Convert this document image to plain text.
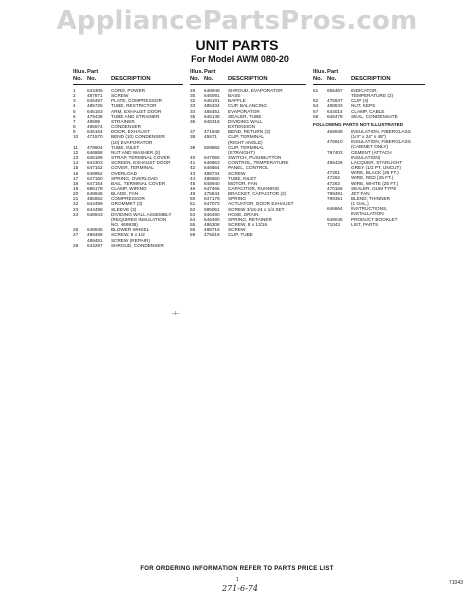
AppliancePartsPros.com
UNIT PARTS
For Model AWM 080-20
Illus. Part
No. No.	DESCRIPTION
1	644306	CORD, POWER
2	487871	SCREW
3	646497	PLATE, COMPRESSOR
4	485725	TUBE, RESTRICTOR
5	646163	ARM, EXHAUST DOOR
6	479438	TUBE AND STRAINER
7	49599	STRAINER
8	485574	CONDENSER
9	646154	DOOR, EXHAUST
10	471570	BEND (10) CONDENSER
(10) EVAPORATOR
11	479604	TUBE, INLET
12	646868	NUT AND WASHER (2)
13	645199	STRAP, TERMINAL COVER
14	644303	SCREEN, EXHAUST DOOR
15	647152	COVER, TERMINAL
16	648952	OVERLOAD
17	647150	SPRING, OVERLOAD
18	647154	BAIL, TERMINAL COVER
19	686178	CLAMP, WIRING
20	648946	BLADE, FAN
21	485552	COMPRESSOR
22	644499	GROMMET (3)
23	644498	SLEEVE (3)
24	648943	DIVIDING WALL ASSEMBLY
(REQUIRES INSULATION
NO. 469938)
25	648945	BLOWER WHEEL
27	488488	SCREW, 8 x 1/2
488481	SCREW (REPAIR)
28	644297	SHROUD, CONDENSER
Illus. Part
No. No.	DESCRIPTION
29	648948	SHROUD, EVAPORATOR
30	646091	BASE
32	646191	BAFFLE
33	485334	CUP, BALANCING
34	485451	EVAPORATOR
35	646138	SEALER, TUBE
36	646318	DIVIDING WALL
EXTENSION
37	471948	BEND, RETURN (3)
38	45571	CLIP, TERMINAL
(RIGHT ANGLE)
39	509882	CLIP, TERMINAL
(STRAIGHT)
40	647065	SWITCH, PUSHBUTTON
41	646863	CONTROL, TEMPERATURE
42	646864	PANEL, CONTROL
43	488734	SCREW
44	485550	TUBE, INLET
45	648940	MOTOR, FAN
46	647466	CAPACITOR, RUNNING
49	475844	BRACKET, CAPACITOR (2)
50	647179	SPRING
51	647073	ACTUATOR, DOOR EXHAUST
52	595061	SCREW 3/16-24 x 1/4 SET
53	646490	HOSE, DRAIN
54	646490	SPRING, RETAINER
55	486308	SCREW, 8 x 13/16
56	488716	SCREW
59	475518	CLIP, TUBE
Illus. Part
No. No.	DESCRIPTION
61	655467	INDICATOR,
TEMPERATURE (2)
62	475537	CLIP (4)
64	488533	NUT, KEPS
67	644014	CLAMP, CABLE
68	646478	SEAL, CONDENSATE
FOLLOWING PARTS NOT ILLUSTRATED
469938	INSULATION, FIBERGLASS
(1/4" x 24" x 48")
476810	INSULATION, FIBERGLASS
(CABINET ONLY)
797403	CEMENT (ATTACH
INSULATION)
485426	LACQUER, STARLIGHT
GREY (1/2 PT. UNCUT)
47261	WIRE, BLACK (25 FT.)
47262	WIRE, RED (25 FT.)
47263	WIRE, WHITE (25 FT.)
470166	SEALER, GUM TYPE
799491	JET FAN
799351	BLEND, THINNER
(1 GAL.)
646664	INSTRUCTIONS,
INSTALLATION
648045	PRODUCT BOOKLET
71043	LIST, PARTS
–/–
FOR ORDERING INFORMATION REFER TO PARTS PRICE LIST
1
271-6-74
71043
